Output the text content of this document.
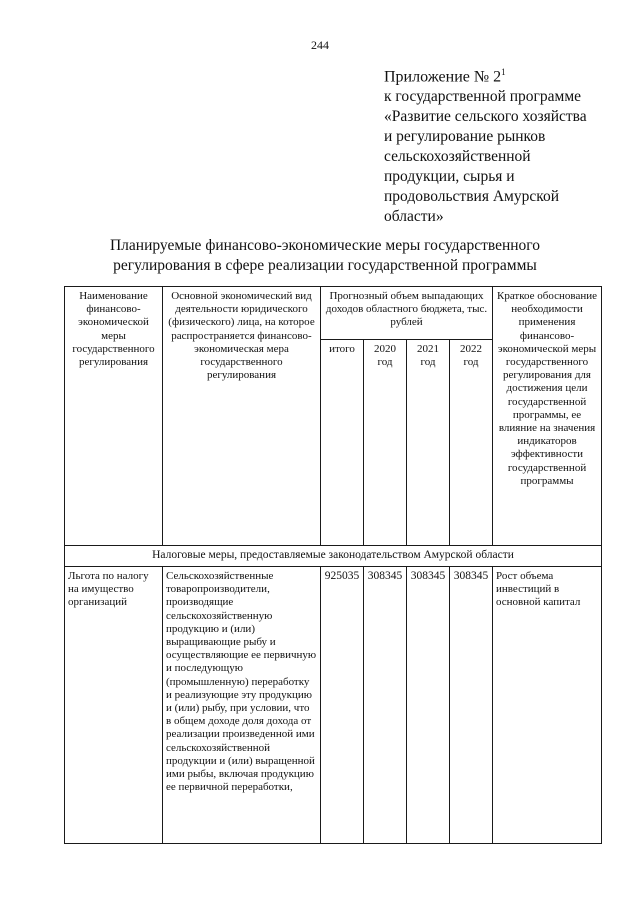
244
Приложение № $2^1$
к государственной программе
«Развитие сельского хозяйства
и регулирование рынков
сельскохозяйственной
продукции, сырья и
продовольствия Амурской
области»
Планируемые финансово-экономические меры государственного
регулирования в сфере реализации государственной программы
Наименование финансово-экономической меры государственного регулирования	Основной экономический вид деятельности юридического (физического) лица, на которое распространяется финансово-экономическая мера государственного регулирования	Прогнозный объем выпадающих доходов областного бюджета, тыс. рублей				Краткое обоснование необходимости применения финансово-экономической меры государственного регулирования для достижения цели государственной программы, ее влияние на значения индикаторов эффективности государственной программы
		итого	2020 год	2021 год	2022 год	
Налоговые меры, предоставляемые законодательством Амурской области						
Льгота по налогу на имущество организаций	Сельскохозяйственные товаропроизводители, производящие сельскохозяйственную продукцию и (или) выращивающие рыбу и осуществляющие ее первичную и последующую (промышленную) переработку и реализующие эту продукцию и (или) рыбу, при условии, что в общем доходе доля дохода от реализации произведенной ими сельскохозяйственной продукции и (или) выращенной ими рыбы, включая продукцию ее первичной переработки,	925035	308345	308345	308345	Рост объема инвестиций в основной капитал
